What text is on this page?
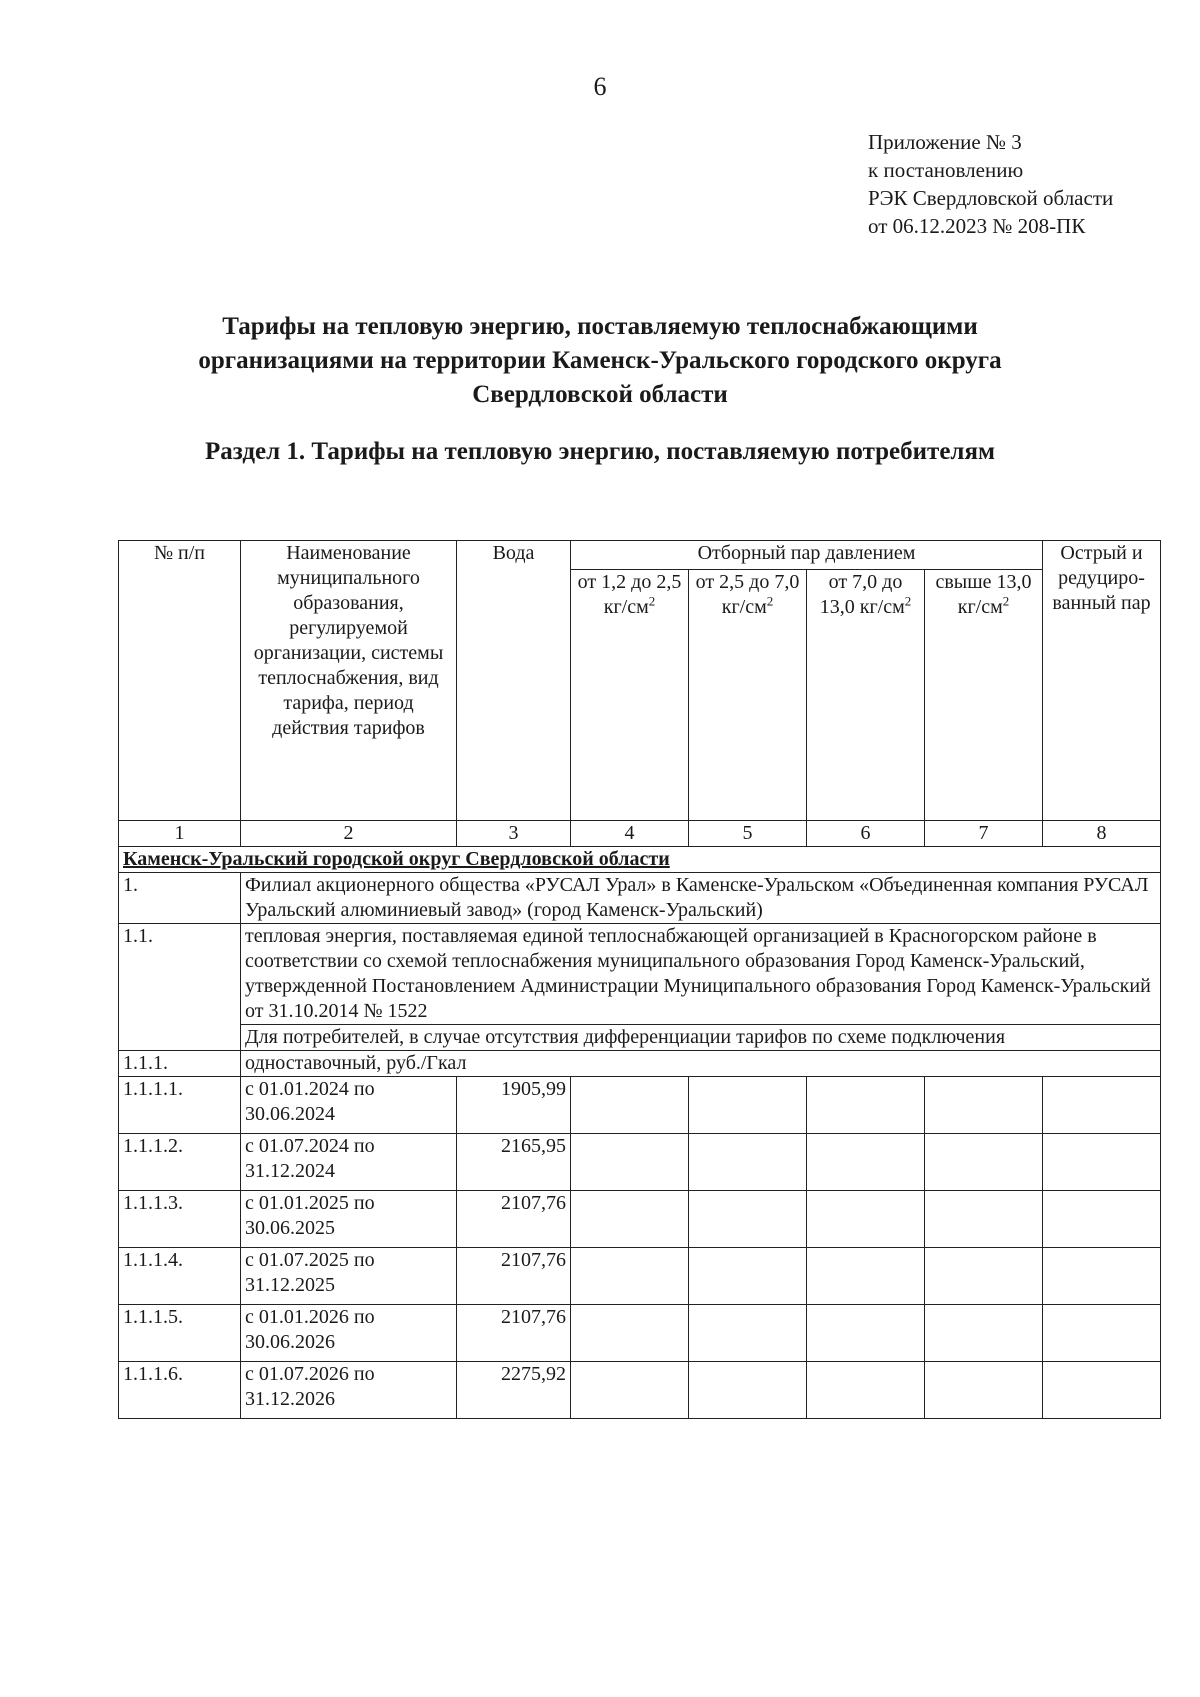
6
Приложение № 3
к постановлению
РЭК Свердловской области
от 06.12.2023 № 208-ПК
Тарифы на тепловую энергию, поставляемую теплоснабжающими
организациями на территории Каменск-Уральского городского округа
Свердловской области
Раздел 1. Тарифы на тепловую энергию, поставляемую потребителям
№ п/п	Наименование муниципального образования, регулируемой организации, системы теплоснабжения, вид тарифа, период действия тарифов	Вода	Отборный пар давлением				Острый и редуциро-ванный пар
			от 1,2 до 2,5 $кг/см^2$	от 2,5 до 7,0 $кг/см^2$	от 7,0 до 13,0 $кг/см^2$	свыше 13,0 $кг/см^2$
1	2	3	4	5	6	7	8
Каменск-Уральский городской округ Свердловской области							
1.	Филиал акционерного общества «РУСАЛ Урал» в Каменске-Уральском «Объединенная компания РУСАЛ Уральский алюминиевый завод» (город Каменск-Уральский)						
1.1.	тепловая энергия, поставляемая единой теплоснабжающей организацией в Красногорском районе в соответствии со схемой теплоснабжения муниципального образования Город Каменск-Уральский, утвержденной Постановлением Администрации Муниципального образования Город Каменск-Уральский от 31.10.2014 № 1522						
	Для потребителей, в случае отсутствия дифференциации тарифов по схеме подключения						
1.1.1.	одноставочный, руб./Гкал						
1.1.1.1.	с 01.01.2024 по 30.06.2024	1905,99					
1.1.1.2.	с 01.07.2024 по 31.12.2024	2165,95					
1.1.1.3.	с 01.01.2025 по 30.06.2025	2107,76					
1.1.1.4.	с 01.07.2025 по 31.12.2025	2107,76					
1.1.1.5.	с 01.01.2026 по 30.06.2026	2107,76					
1.1.1.6.	с 01.07.2026 по 31.12.2026	2275,92					
